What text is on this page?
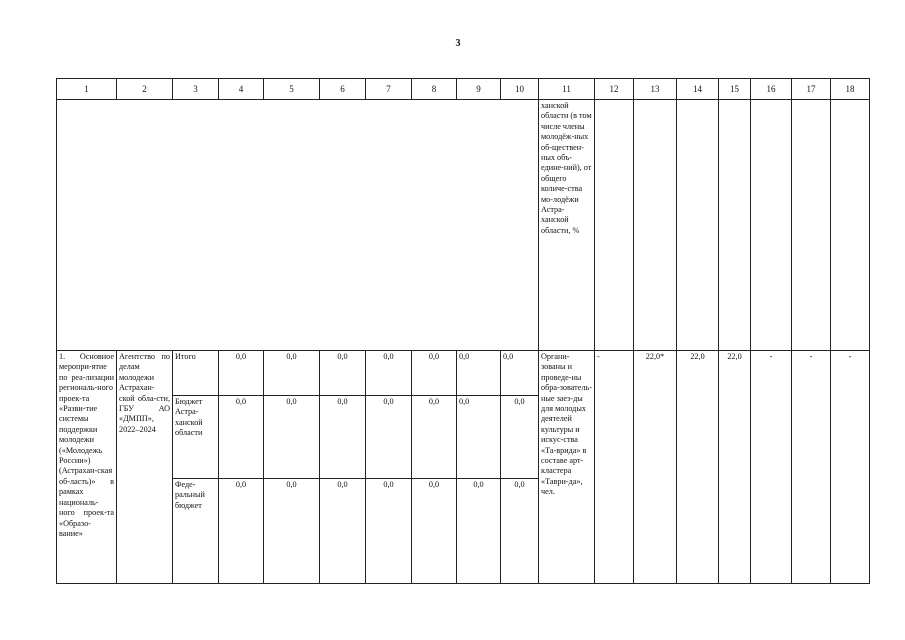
3
1	2	3	4	5	6	7	8	9	10	11	12	13	14	15	16	17	18
										ханской области (в том числе члены молодёж-ных об-ществен-ных объ-едине-ний), от общего количе-ства мо-лодёжи Астра-ханской области, %							
1. Основное меропри-ятие по реа-лизации региональ-ного проек-та «Разви-тие системы поддержки молодежи («Молодежь России») (Астрахан-ская об-ласть)» в рамках националь-ного проек-та «Образо-вание»	Агентство по делам молодежи Астрахан-ской обла-сти, ГБУ АО «ДМПП», 2022–2024	Итого	0,0	0,0	0,0	0,0	0,0	0,0	0,0	Органи-зованы и проведе-ны обра-зователь-ные заез-ды для молодых деятелей культуры и искус-ства «Та-врида» в составе арт-кластера «Таври-да», чел.	-	22,0*	22,0	22,0	-	-	-
		Бюджет Астра-ханской области	0,0	0,0	0,0	0,0	0,0	0,0	0,0								
		Феде-ральный бюджет	0,0	0,0	0,0	0,0	0,0	0,0	0,0								
